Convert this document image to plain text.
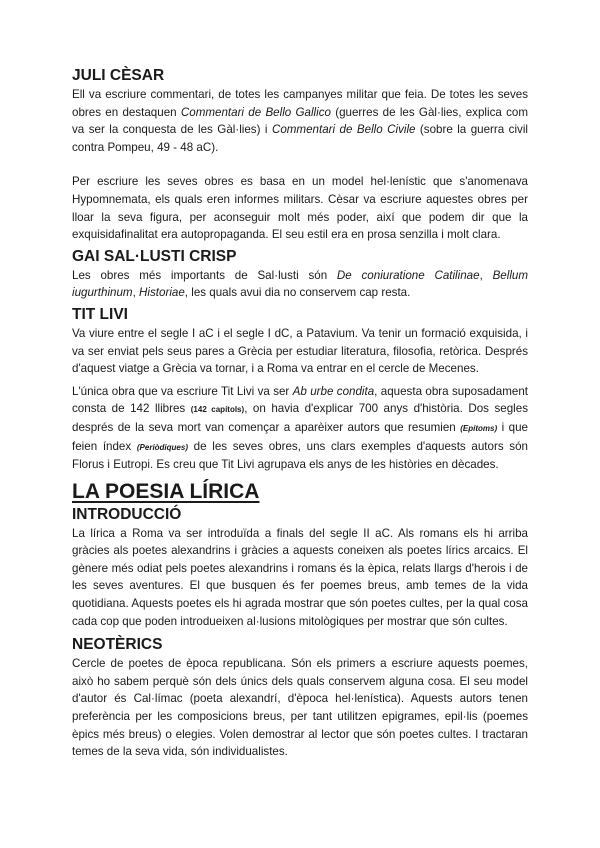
JULI CÈSAR

Ell va escriure commentari, de totes les campanyes militar que feia. De totes les seves obres en destaquen Commentari de Bello Gallico (guerres de les Gàl·lies, explica com va ser la conquesta de les Gàl·lies) i Commentari de Bello Civile (sobre la guerra civil contra Pompeu, 49 - 48 aC).

Per escriure les seves obres es basa en un model hel·lenístic que s'anomenava Hypomnemata, els quals eren informes militars. Cèsar va escriure aquestes obres per lloar la seva figura, per aconseguir molt més poder, així que podem dir que la exquisidafinalitat era autopropaganda. El seu estil era en prosa senzilla i molt clara.

GAI SAL·LUSTI CRISP

Les obres més importants de Sal·lusti són De coniuratione Catilinae, Bellum iugurthinum, Historiae, les quals avui dia no conservem cap resta.

TIT LIVI

Va viure entre el segle I aC i el segle I dC, a Patavium. Va tenir un formació exquisida, i va ser enviat pels seus pares a Grècia per estudiar literatura, filosofia, retòrica. Després d'aquest viatge a Grècia va tornar, i a Roma va entrar en el cercle de Mecenes.

L'única obra que va escriure Tit Livi va ser Ab urbe condita, aquesta obra suposadament consta de 142 llibres (142 capítols), on havia d'explicar 700 anys d'història. Dos segles després de la seva mort van començar a aparèixer autors que resumien (Epítoms) i que feien índex (Periòdiques) de les seves obres, uns clars exemples d'aquests autors són Florus i Eutropi. Es creu que Tit Livi agrupava els anys de les històries en dècades.

LA POESIA LÍRICA
INTRODUCCIÓ

La lírica a Roma va ser introduïda a finals del segle II aC. Als romans els hi arriba gràcies als poetes alexandrins i gràcies a aquests coneixen als poetes lírics arcaics. El gènere més odiat pels poetes alexandrins i romans és la èpica, relats llargs d'herois i de les seves aventures. El que busquen és fer poemes breus, amb temes de la vida quotidiana. Aquests poetes els hi agrada mostrar que són poetes cultes, per la qual cosa cada cop que poden introdueixen al·lusions mitològiques per mostrar que són cultes.

NEOTÈRICS

Cercle de poetes de època republicana. Són els primers a escriure aquests poemes, això ho sabem perquè són dels únics dels quals conservem alguna cosa. El seu model d'autor és Cal·límac (poeta alexandrí, d'època hel·lenística). Aquests autors tenen preferència per les composicions breus, per tant utilitzen epigrames, epil·lis (poemes èpics més breus) o elegies. Volen demostrar al lector que són poetes cultes. I tractaran temes de la seva vida, són individualistes.
